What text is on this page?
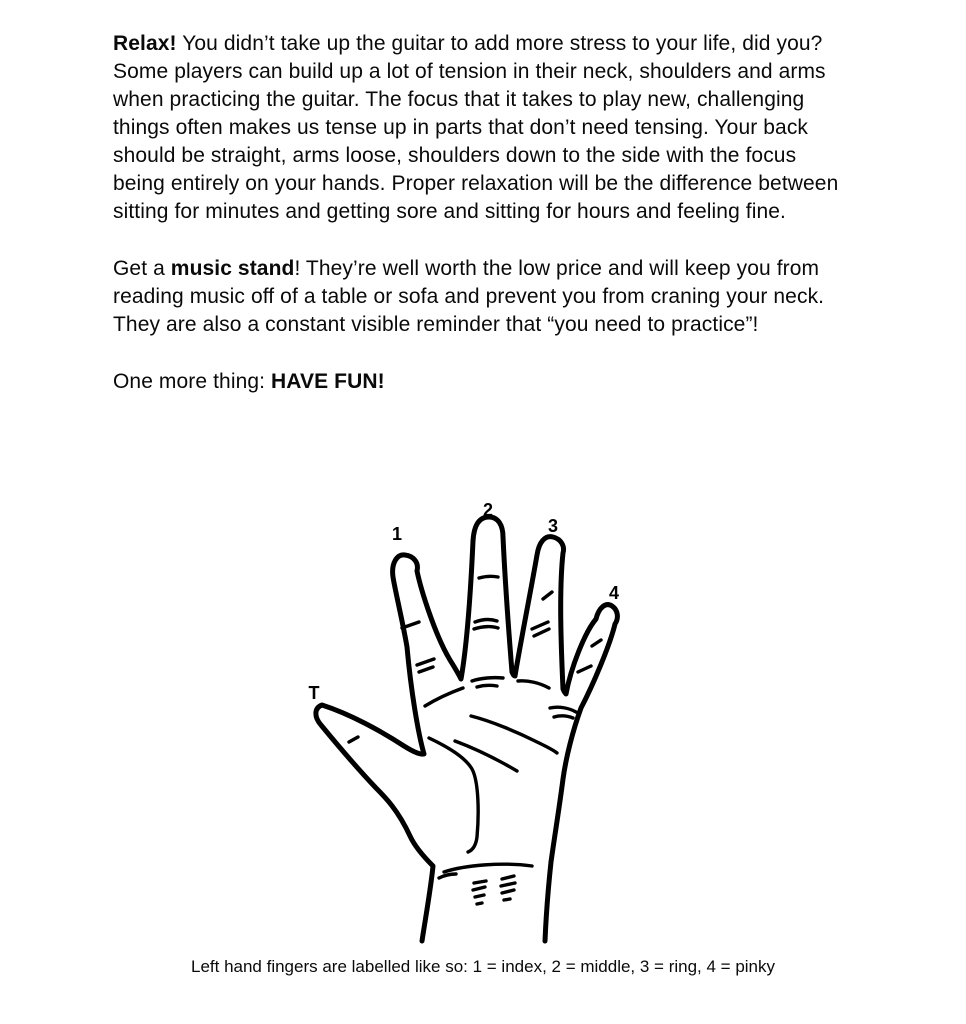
Relax! You didn’t take up the guitar to add more stress to your life, did you? Some players can build up a lot of tension in their neck, shoulders and arms when practicing the guitar. The focus that it takes to play new, challenging things often makes us tense up in parts that don’t need tensing. Your back should be straight, arms loose, shoulders down to the side with the focus being entirely on your hands. Proper relaxation will be the difference between sitting for minutes and getting sore and sitting for hours and feeling fine.

Get a music stand! They’re well worth the low price and will keep you from reading music off of a table or sofa and prevent you from craning your neck. They are also a constant visible reminder that “you need to practice”!

One more thing: HAVE FUN!

1
2
3
4
T
Left hand fingers are labelled like so: 1 = index, 2 = middle, 3 = ring, 4 = pinky
